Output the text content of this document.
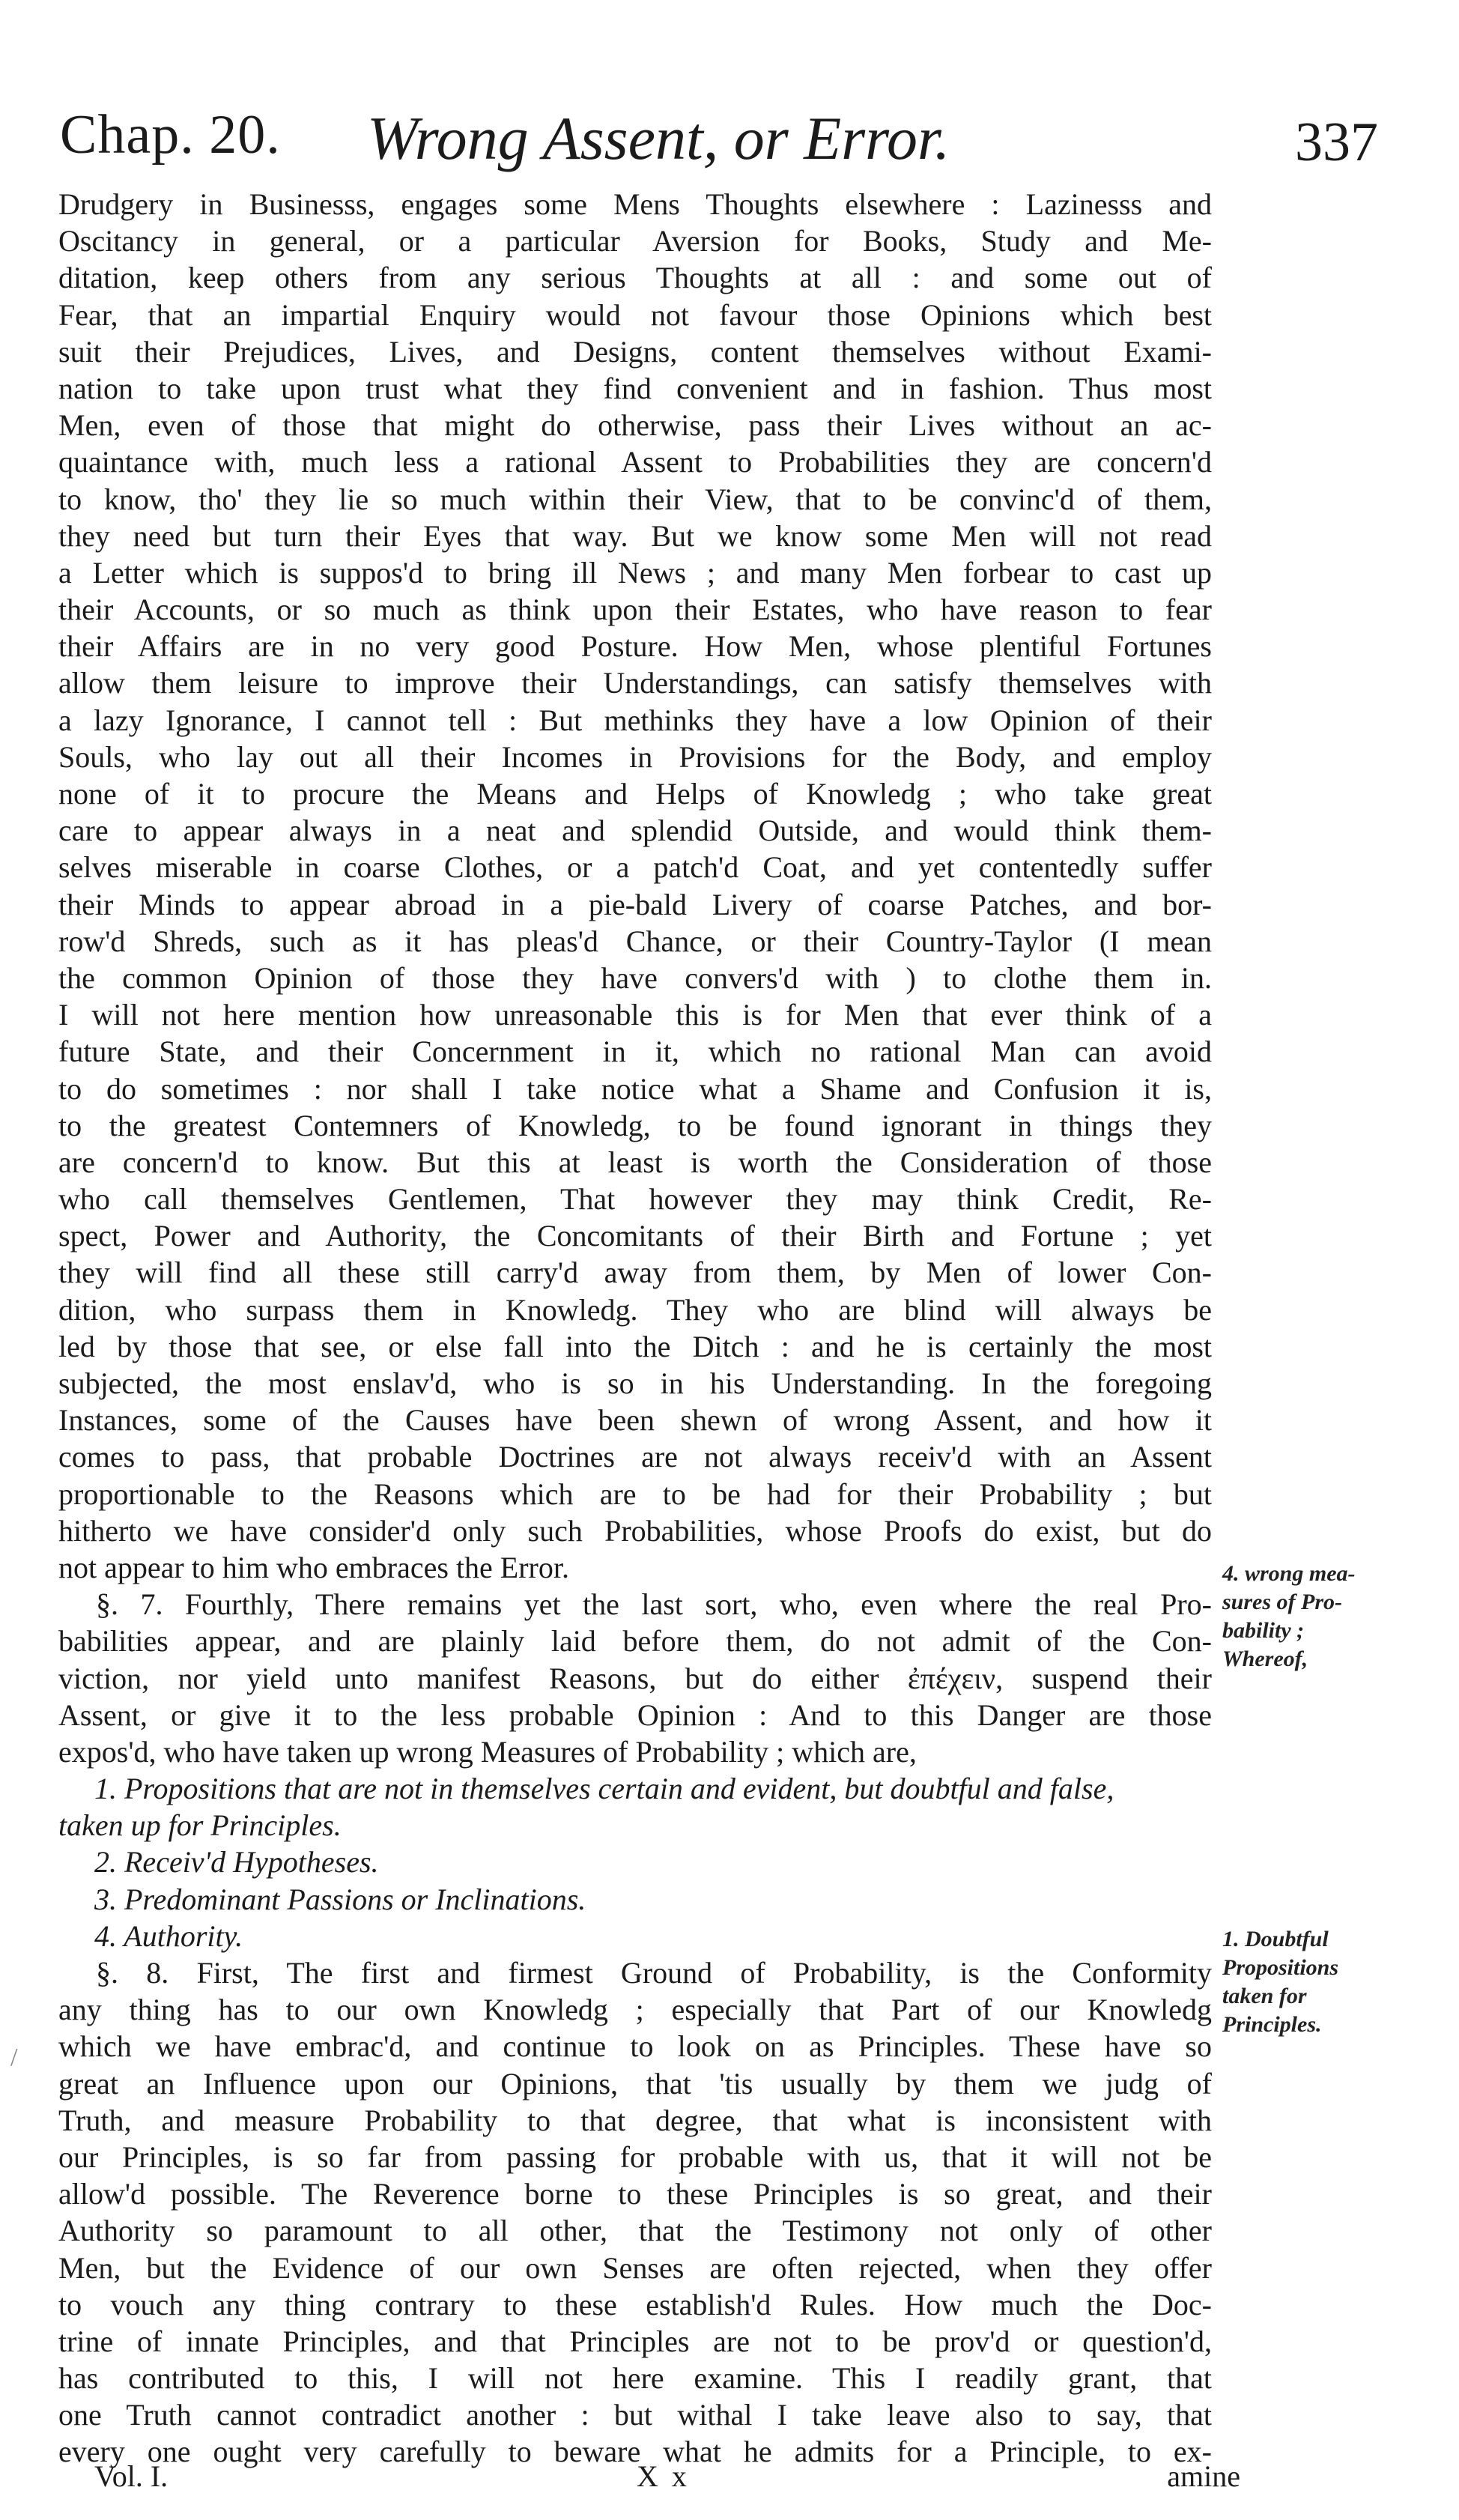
Chap. 20. Wrong Assent, or Error.	337
Drudgery in Businesss, engages some Mens Thoughts elsewhere : Lazinesss and
Oscitancy in general, or a particular Aversion for Books, Study and Me-
ditation, keep others from any serious Thoughts at all : and some out of
Fear, that an impartial Enquiry would not favour those Opinions which best
suit their Prejudices, Lives, and Designs, content themselves without Exami-
nation to take upon trust what they find convenient and in fashion. Thus most
Men, even of those that might do otherwise, pass their Lives without an ac-
quaintance with, much less a rational Assent to Probabilities they are concern'd
to know, tho' they lie so much within their View, that to be convinc'd of them,
they need but turn their Eyes that way. But we know some Men will not read
a Letter which is suppos'd to bring ill News ; and many Men forbear to cast up
their Accounts, or so much as think upon their Estates, who have reason to fear
their Affairs are in no very good Posture. How Men, whose plentiful Fortunes
allow them leisure to improve their Understandings, can satisfy themselves with
a lazy Ignorance, I cannot tell : But methinks they have a low Opinion of their
Souls, who lay out all their Incomes in Provisions for the Body, and employ
none of it to procure the Means and Helps of Knowledg ; who take great
care to appear always in a neat and splendid Outside, and would think them-
selves miserable in coarse Clothes, or a patch'd Coat, and yet contentedly suffer
their Minds to appear abroad in a pie-bald Livery of coarse Patches, and bor-
row'd Shreds, such as it has pleas'd Chance, or their Country-Taylor (I mean
the common Opinion of those they have convers'd with ) to clothe them in.
I will not here mention how unreasonable this is for Men that ever think of a
future State, and their Concernment in it, which no rational Man can avoid
to do sometimes : nor shall I take notice what a Shame and Confusion it is,
to the greatest Contemners of Knowledg, to be found ignorant in things they
are concern'd to know. But this at least is worth the Consideration of those
who call themselves Gentlemen, That however they may think Credit, Re-
spect, Power and Authority, the Concomitants of their Birth and Fortune ; yet
they will find all these still carry'd away from them, by Men of lower Con-
dition, who surpass them in Knowledg. They who are blind will always be
led by those that see, or else fall into the Ditch : and he is certainly the most
subjected, the most enslav'd, who is so in his Understanding. In the foregoing
Instances, some of the Causes have been shewn of wrong Assent, and how it
comes to pass, that probable Doctrines are not always receiv'd with an Assent
proportionable to the Reasons which are to be had for their Probability ; but
hitherto we have consider'd only such Probabilities, whose Proofs do exist, but do
not appear to him who embraces the Error.
§. 7. Fourthly, There remains yet the last sort, who, even where the real Pro-
babilities appear, and are plainly laid before them, do not admit of the Con-
viction, nor yield unto manifest Reasons, but do either ἐπέχειν, suspend their
Assent, or give it to the less probable Opinion : And to this Danger are those
expos'd, who have taken up wrong Measures of Probability ; which are,
1. Propositions that are not in themselves certain and evident, but doubtful and false,
taken up for Principles.
2. Receiv'd Hypotheses.
3. Predominant Passions or Inclinations.
4. Authority.
§. 8. First, The first and firmest Ground of Probability, is the Conformity
any thing has to our own Knowledg ; especially that Part of our Knowledg
which we have embrac'd, and continue to look on as Principles. These have so
great an Influence upon our Opinions, that 'tis usually by them we judg of
Truth, and measure Probability to that degree, that what is inconsistent with
our Principles, is so far from passing for probable with us, that it will not be
allow'd possible. The Reverence borne to these Principles is so great, and their
Authority so paramount to all other, that the Testimony not only of other
Men, but the Evidence of our own Senses are often rejected, when they offer
to vouch any thing contrary to these establish'd Rules. How much the Doc-
trine of innate Principles, and that Principles are not to be prov'd or question'd,
has contributed to this, I will not here examine. This I readily grant, that
one Truth cannot contradict another : but withal I take leave also to say, that
every one ought very carefully to beware what he admits for a Principle, to ex-
4. wrong mea-
sures of Pro-
bability ;
Whereof,
1. Doubtful
Propositions
taken for
Principles.
/
Vol. I.	X x	amine
